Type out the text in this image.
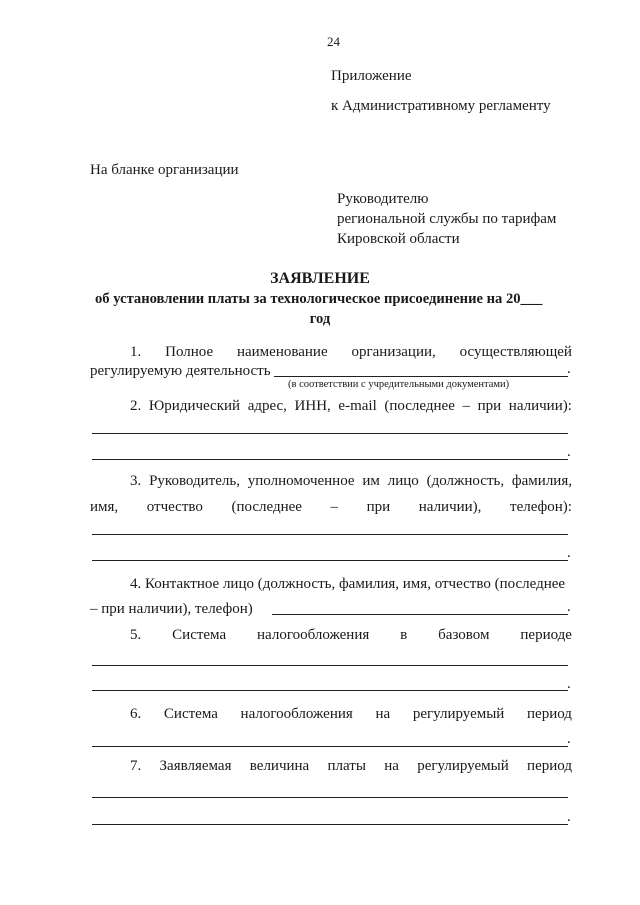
24
Приложение
к Административному регламенту
На бланке организации
Руководителю
региональной службы по тарифам
Кировской области
ЗАЯВЛЕНИЕ
об установлении платы за технологическое присоединение на 20___
год
1. Полное наименование организации, осуществляющей
регулируемую деятельность	.
(в соответствии с учредительными документами)
2. Юридический адрес, ИНН, e-mail (последнее – при наличии):
.
3. Руководитель, уполномоченное им лицо (должность, фамилия,
имя, отчество (последнее – при наличии), телефон):
.
4. Контактное лицо (должность, фамилия, имя, отчество (последнее
– при наличии), телефон)	.
5. Система налогообложения в базовом периоде
.
6. Система налогообложения на регулируемый период
.
7. Заявляемая величина платы на регулируемый период
.
